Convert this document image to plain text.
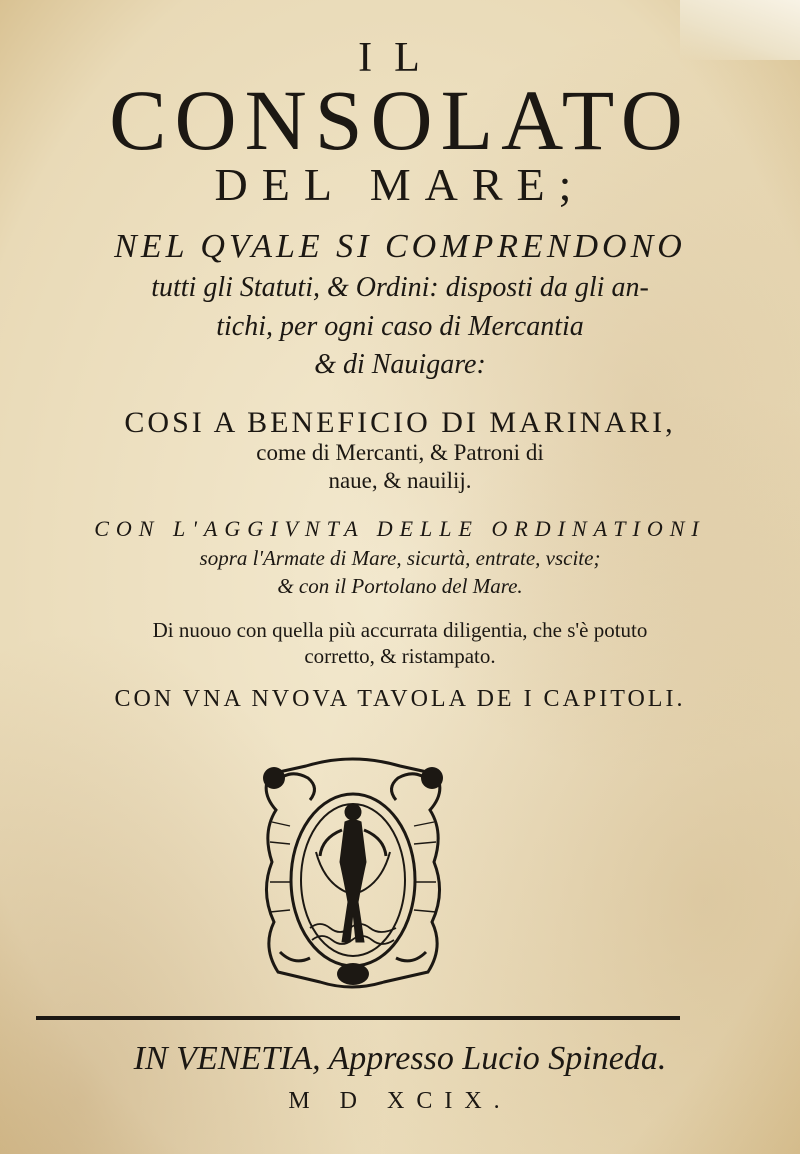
IL
CONSOLATO
DEL MARE;
NEL QVALE SI COMPRENDONO
tutti gli Statuti, & Ordini: disposti da gli an-
tichi, per ogni caso di Mercantia
& di Nauigare:
COSI A BENEFICIO DI MARINARI,
come di Mercanti, & Patroni di
naue, & nauilij.
CON L'AGGIVNTA DELLE ORDINATIONI
sopra l'Armate di Mare, sicurtà, entrate, vscite;
& con il Portolano del Mare.
Di nuouo con quella più accurrata diligentia, che s'è potuto
corretto, & ristampato.
CON VNA NVOVA TAVOLA DE I CAPITOLI.
IN VENETIA, Appresso Lucio Spineda.
M D XCIX.
